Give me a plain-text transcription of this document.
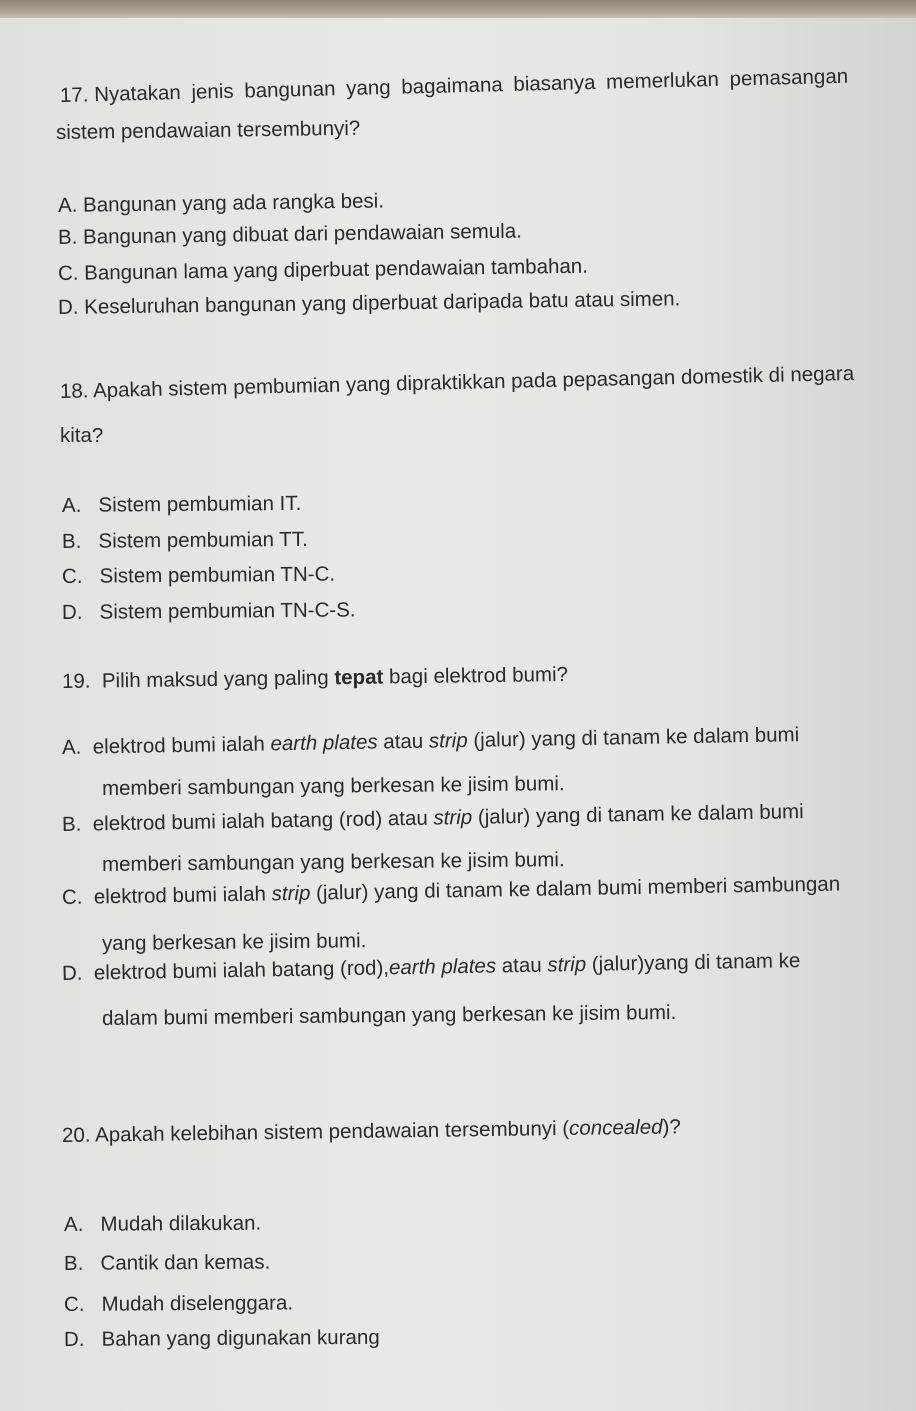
17. Nyatakan jenis bangunan yang bagaimana biasanya memerlukan pemasangan
sistem pendawaian tersembunyi?
A. Bangunan yang ada rangka besi.
B. Bangunan yang dibuat dari pendawaian semula.
C. Bangunan lama yang diperbuat pendawaian tambahan.
D. Keseluruhan bangunan yang diperbuat daripada batu atau simen.
18. Apakah sistem pembumian yang dipraktikkan pada pepasangan domestik di negara
kita?
A. Sistem pembumian IT.
B. Sistem pembumian TT.
C. Sistem pembumian TN-C.
D. Sistem pembumian TN-C-S.
19. Pilih maksud yang paling tepat bagi elektrod bumi?
A. elektrod bumi ialah earth plates atau strip (jalur) yang di tanam ke dalam bumi
memberi sambungan yang berkesan ke jisim bumi.
B. elektrod bumi ialah batang (rod) atau strip (jalur) yang di tanam ke dalam bumi
memberi sambungan yang berkesan ke jisim bumi.
C. elektrod bumi ialah strip (jalur) yang di tanam ke dalam bumi memberi sambungan
yang berkesan ke jisim bumi.
D. elektrod bumi ialah batang (rod),earth plates atau strip (jalur)yang di tanam ke
dalam bumi memberi sambungan yang berkesan ke jisim bumi.
20. Apakah kelebihan sistem pendawaian tersembunyi (concealed)?
A. Mudah dilakukan.
B. Cantik dan kemas.
C. Mudah diselenggara.
D. Bahan yang digunakan kurang
